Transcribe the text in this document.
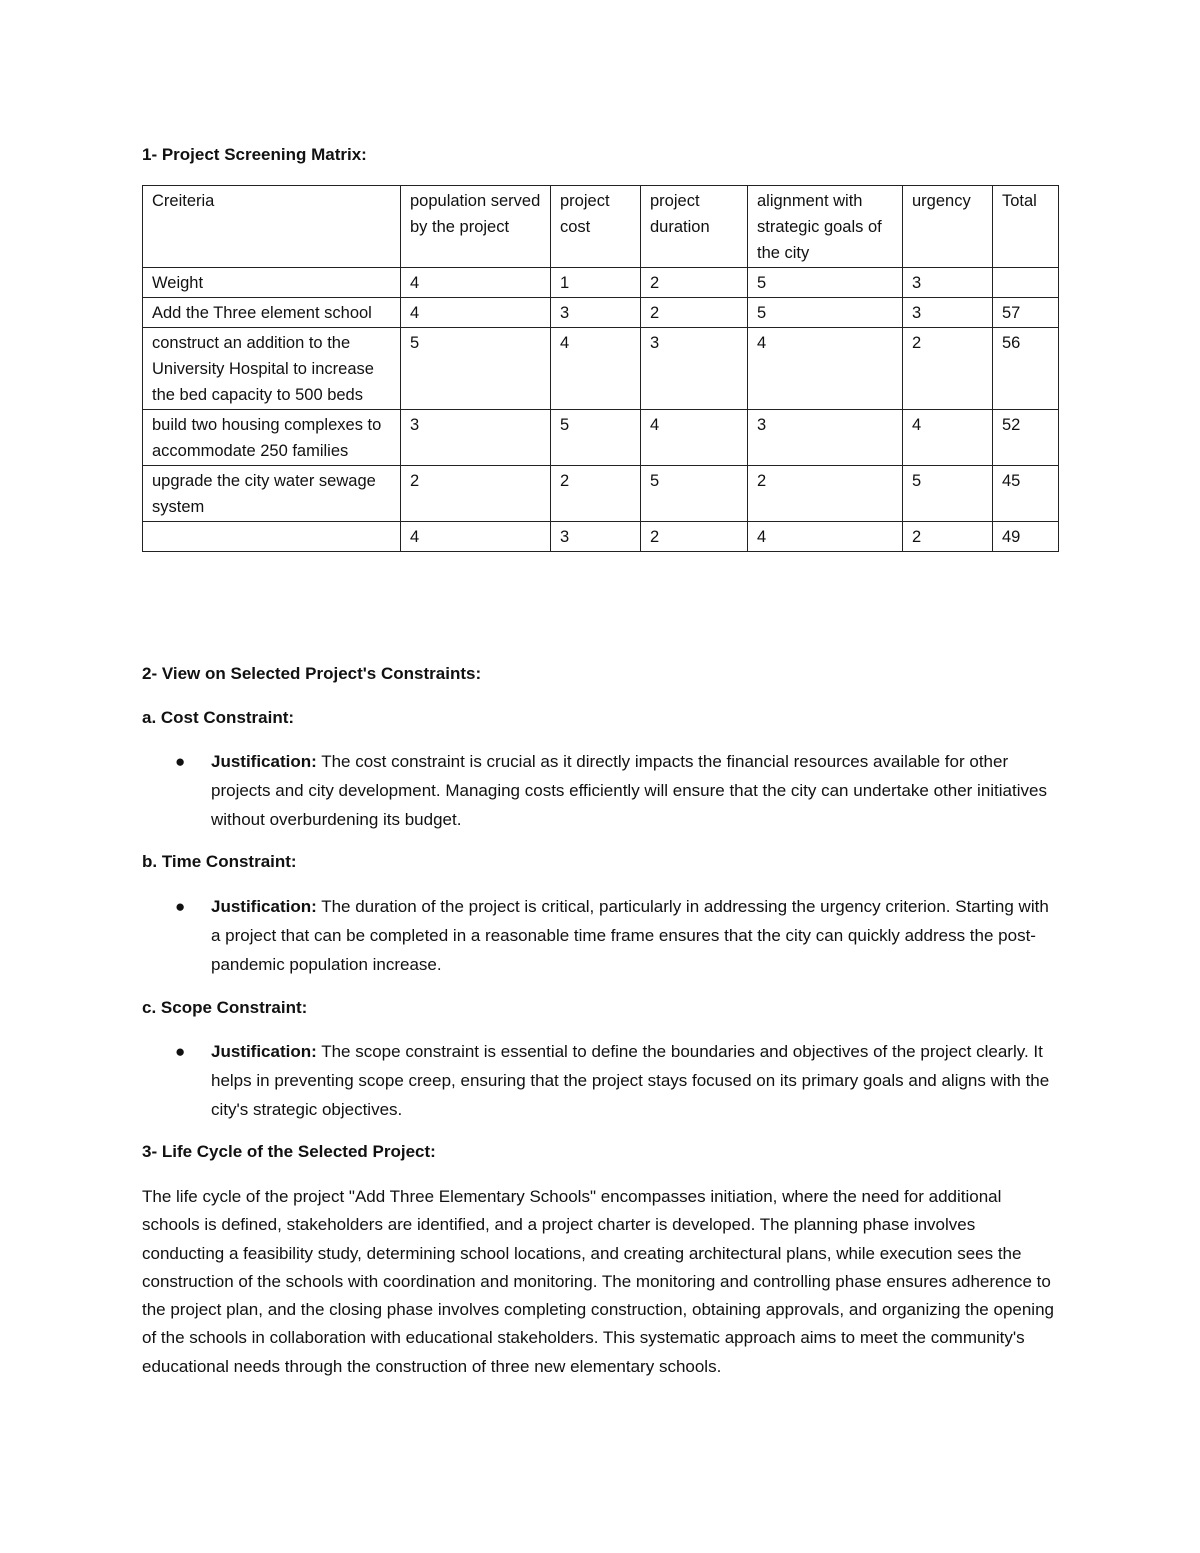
1- Project Screening Matrix:
Creiteria	population served by the project	project cost	project duration	alignment with strategic goals of the city	urgency	Total
Weight	4	1	2	5	3	
Add the Three element school	4	3	2	5	3	57
construct an addition to the University Hospital to increase the bed capacity to 500 beds	5	4	3	4	2	56
build two housing complexes to accommodate 250 families	3	5	4	3	4	52
upgrade the city water sewage system	2	2	5	2	5	45
	4	3	2	4	2	49
2- View on Selected Project's Constraints:
a. Cost Constraint:
● Justification: The cost constraint is crucial as it directly impacts the financial resources available for other projects and city development. Managing costs efficiently will ensure that the city can undertake other initiatives without overburdening its budget.
b. Time Constraint:
● Justification: The duration of the project is critical, particularly in addressing the urgency criterion. Starting with a project that can be completed in a reasonable time frame ensures that the city can quickly address the post-pandemic population increase.
c. Scope Constraint:
● Justification: The scope constraint is essential to define the boundaries and objectives of the project clearly. It helps in preventing scope creep, ensuring that the project stays focused on its primary goals and aligns with the city's strategic objectives.
3- Life Cycle of the Selected Project:

The life cycle of the project "Add Three Elementary Schools" encompasses initiation, where the need for additional schools is defined, stakeholders are identified, and a project charter is developed. The planning phase involves conducting a feasibility study, determining school locations, and creating architectural plans, while execution sees the construction of the schools with coordination and monitoring. The monitoring and controlling phase ensures adherence to the project plan, and the closing phase involves completing construction, obtaining approvals, and organizing the opening of the schools in collaboration with educational stakeholders. This systematic approach aims to meet the community's educational needs through the construction of three new elementary schools.
